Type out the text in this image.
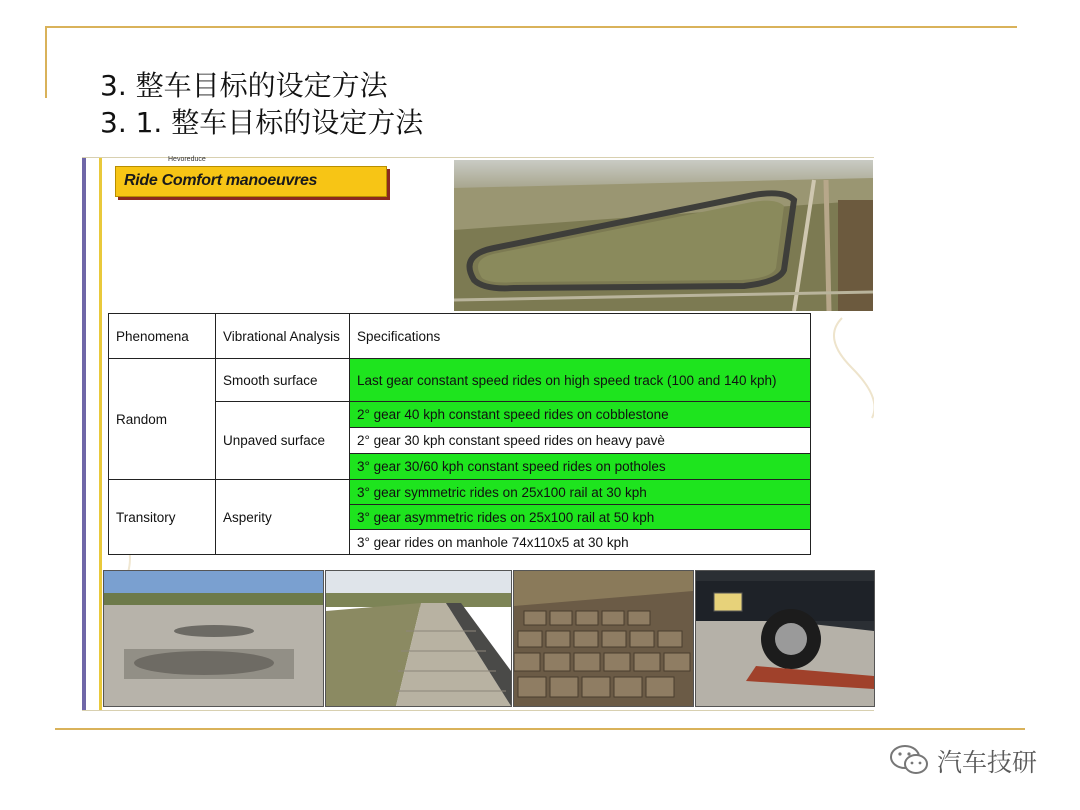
3. 整车目标的设定方法
3. 1. 整车目标的设定方法
Hevoreduce
Ride Comfort manoeuvres
Phenomena	Vibrational Analysis	Specifications
Random	Smooth surface	Last gear constant speed rides on high speed track (100 and 140 kph)
	Unpaved surface	2° gear 40 kph constant speed rides on cobblestone
		2° gear 30 kph constant speed rides on heavy pavè
		3° gear 30/60 kph constant speed rides on potholes
Transitory	Asperity	3° gear symmetric rides on 25x100 rail at 30 kph
		3° gear asymmetric rides on 25x100 rail at 50 kph
		3° gear rides on manhole 74x110x5 at 30 kph
汽车技研
